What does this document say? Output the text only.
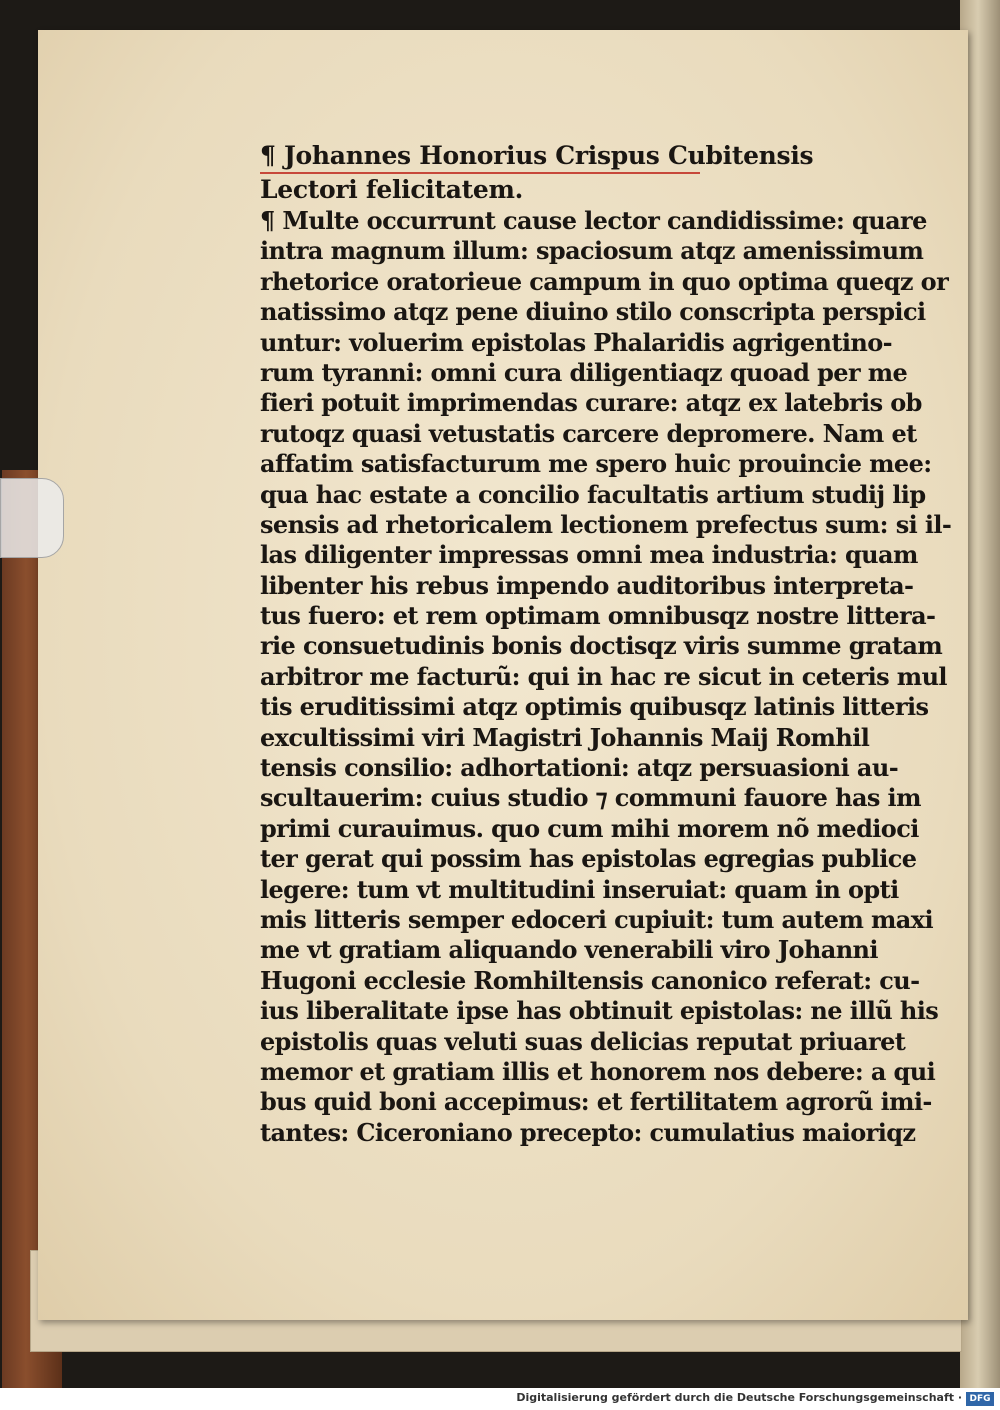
¶ Johannes Honorius Crispus Cubitensis
Lectori felicitatem.
¶ Multe occurrunt cause lector candidissime: quare
intra magnum illum: spaciosum atqz amenissimum
rhetorice oratorieue campum in quo optima queqz or
natissimo atqz pene diuino stilo conscripta perspici
untur: voluerim epistolas Phalaridis agrigentino-
rum tyranni: omni cura diligentiaqz quoad per me
fieri potuit imprimendas curare: atqz ex latebris ob
rutoqz quasi vetustatis carcere depromere. Nam et
affatim satisfacturum me spero huic prouincie mee:
qua hac estate a concilio facultatis artium studij lip
sensis ad rhetoricalem lectionem prefectus sum: si il-
las diligenter impressas omni mea industria: quam
libenter his rebus impendo auditoribus interpreta-
tus fuero: et rem optimam omnibusqz nostre littera-
rie consuetudinis bonis doctisqz viris summe gratam
arbitror me facturũ: qui in hac re sicut in ceteris mul
tis eruditissimi atqz optimis quibusqz latinis litteris
excultissimi viri Magistri Johannis Maij Romhil
tensis consilio: adhortationi: atqz persuasioni au-
scultauerim: cuius studio ⁊ communi fauore has im
primi curauimus. quo cum mihi morem nõ medioci
ter gerat qui possim has epistolas egregias publice
legere: tum vt multitudini inseruiat: quam in opti
mis litteris semper edoceri cupiuit: tum autem maxi
me vt gratiam aliquando venerabili viro Johanni
Hugoni ecclesie Romhiltensis canonico referat: cu-
ius liberalitate ipse has obtinuit epistolas: ne illũ his
epistolis quas veluti suas delicias reputat priuaret
memor et gratiam illis et honorem nos debere: a qui
bus quid boni accepimus: et fertilitatem agrorũ imi-
tantes: Ciceroniano precepto: cumulatius maioriqz
Digitalisierung gefördert durch die Deutsche Forschungsgemeinschaft · DFG
